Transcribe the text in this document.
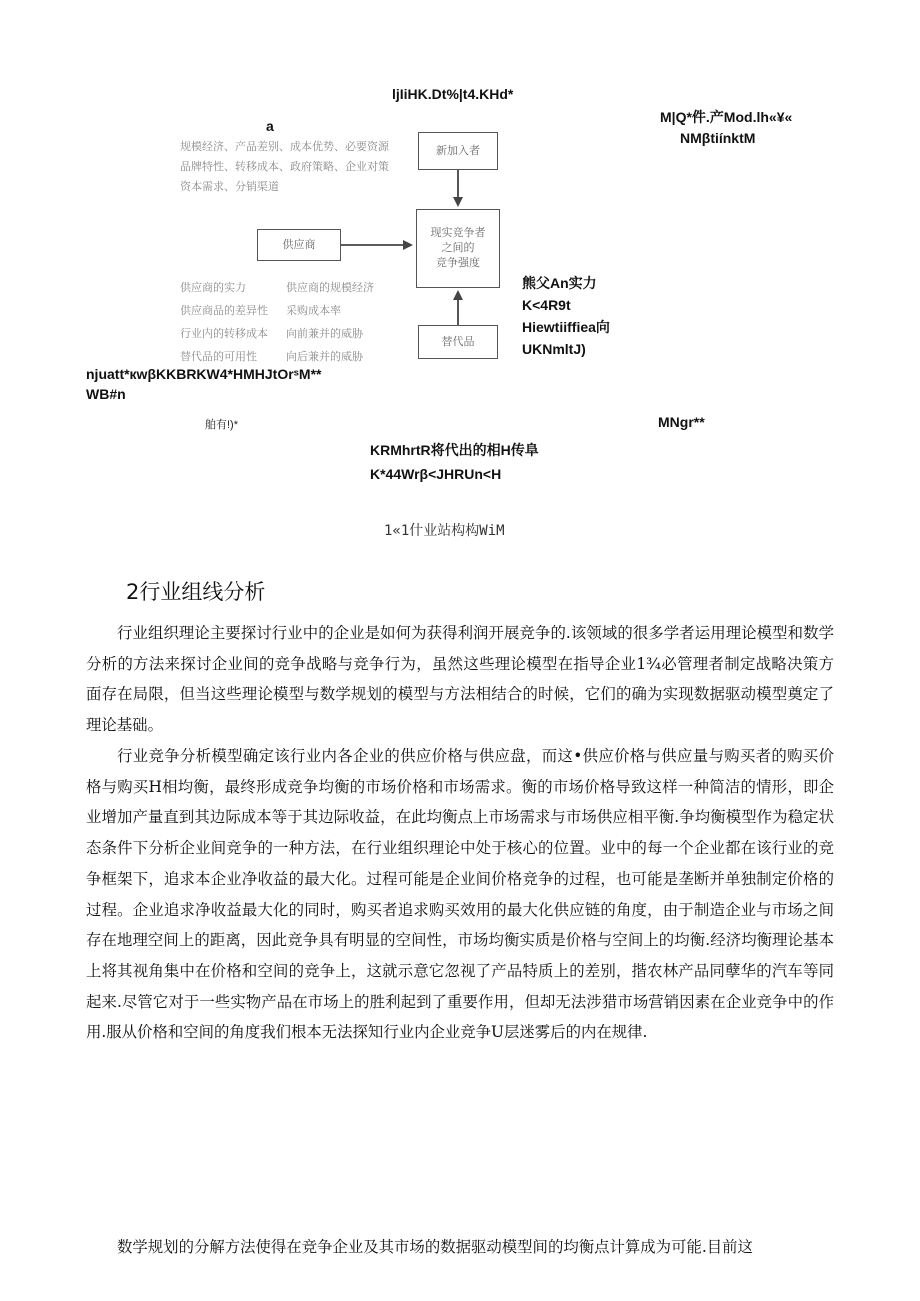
ljIiHK.Dt%|t4.KHd*
a
M|Q*件.产Mod.lh«¥«
NMβtiínktM
规模经济、产品差别、成本优势、必要资源
品牌特性、转移成本、政府策略、企业对策
资本需求、分销渠道
新加入者
现实竞争者
之间的
竞争强度
供应商
替代品
供应商的实力
供应商品的差异性
行业内的转移成本
替代品的可用性
供应商的规模经济
采购成本率
向前兼并的威胁
向后兼并的威胁
熊父An实力
K<4R9t
Hiewtiiffiea向
UKNmltJ)
njuatt*кwβKKBRKW4*HMHJtOrˢM**
WB#n
舶有!)*	MNgr**
KRMhrtR将代出的相H传阜
K*44Wrβ<JHRUn<H
1«1什业站构构WiM
2行业组线分析

行业组织理论主要探讨行业中的企业是如何为获得利润开展竞争的.该领域的很多学者运用理论模型和数学分析的方法来探讨企业间的竞争战略与竞争行为，虽然这些理论模型在指导企业1¾必管理者制定战略决策方面存在局限，但当这些理论模型与数学规划的模型与方法相结合的时候，它们的确为实现数据驱动模型奠定了理论基础。

行业竞争分析模型确定该行业内各企业的供应价格与供应盘，而这•供应价格与供应量与购买者的购买价格与购买H相均衡，最终形成竞争均衡的市场价格和市场需求。衡的市场价格导致这样一种简洁的情形，即企业增加产量直到其边际成本等于其边际收益，在此均衡点上市场需求与市场供应相平衡.争均衡模型作为稳定状态条件下分析企业间竞争的一种方法，在行业组织理论中处于核心的位置。业中的每一个企业都在该行业的竞争框架下，追求本企业净收益的最大化。过程可能是企业间价格竞争的过程，也可能是垄断并单独制定价格的过程。企业追求净收益最大化的同时，购买者追求购买效用的最大化供应链的角度，由于制造企业与市场之间存在地理空间上的距离，因此竞争具有明显的空间性，市场均衡实质是价格与空间上的均衡.经济均衡理论基本上将其视角集中在价格和空间的竞争上，这就示意它忽视了产品特质上的差别，揩农林产品同孽华的汽车等同起来.尽管它对于一些实物产品在市场上的胜利起到了重要作用，但却无法涉猎市场营销因素在企业竞争中的作用.服从价格和空间的角度我们根本无法探知行业内企业竞争U层迷雾后的内在规律.

数学规划的分解方法使得在竞争企业及其市场的数据驱动模型间的均衡点计算成为可能.目前这
